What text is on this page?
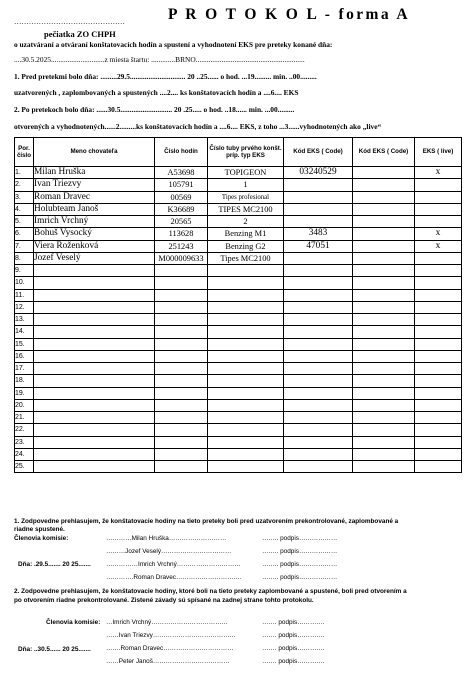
………………………………………	P R O T O K O L - forma A
pečiatka ZO CHPH
o uzatváraní a otváraní konštatovacích hodín a spustení a vyhodnotení EKS pre preteky konané dňa:
....30.5.2025.............................z miesta štartu: .............BRNO...........................................................
1. Pred pretekmi bolo dňa: .........29.5.............................. 20 ..25...... o hod. ...19......... min. ..00.........
uzatvorených , zaplombovaných a spustených ....2.... ks konštatovacích hodín a ....6.... EKS
2. Po pretekoch bolo dňa: ......30.5............................ 20 .25..... o hod. ..18...... min. ...00.........
otvorených a vyhodnotených......2.........ks konštatovacích hodín a ....6.... EKS, z toho ...3......vyhodnotených ako „live“
Por. číslo	Meno chovateľa	Číslo hodín	Číslo tuby prvého konšt. príp. typ EKS	Kód EKS ( Code)	Kód EKS ( Code)	EKS ( live)
1.	Milan Hruška	A53698	TOPIGEON	03240529		x
2.	Ivan Triezvy	105791	1			
3.	Roman Dravec	00569	Tipes profesional			
4.	Holubteam Janoš	K36689	TIPES MC2100			
5.	Imrich Vrchný	20565	2			
6.	Bohuš Vysocký	113628	Benzing M1	3483		x
7.	Viera Roženková	251243	Benzing G2	47051		x
8.	Jozef Veselý	M000009633	Tipes MC2100			
9.						
10.						
11.						
12.						
13.						
14.						
15.						
16.						
17.						
18.						
19.						
20.						
21.						
22.						
23.						
24.						
25.						
1. Zodpovedne prehlasujem, že konštatovacie hodiny na tieto preteky boli pred uzatvorením prekontrolované, zaplombované a
riadne spustené.
Členovia komisie:
Dňa: .29.5....... 20 25.......
…………Milan Hruška………………………	…….. podpis………………
………Jozef Veselý……………………………	…….. podpis………………
……………Imrich Vrchný…………………………	…….. podpis………………
………….Roman Dravec………………………….	…….. podpis………………
2. Zodpovedne prehlasujem, že konštatovacie hodiny, ktoré boli na tieto preteky zaplombované a spustené, boli pred otvorením a
po otvorením riadne prekontrolované. Zistené závady sú spísané na zadnej strane tohto protokolu.
Členovia komisie:
Dňa: ..30.5...... 20 25.......
…Imrich Vrchný………………………………	……. podpis………….
……Ivan Triezvy…………………………………	……. podpis………….
…….Roman Dravec……………………………	……. podpis………….
……Peter Janoš………………………………	……. podpis………….
